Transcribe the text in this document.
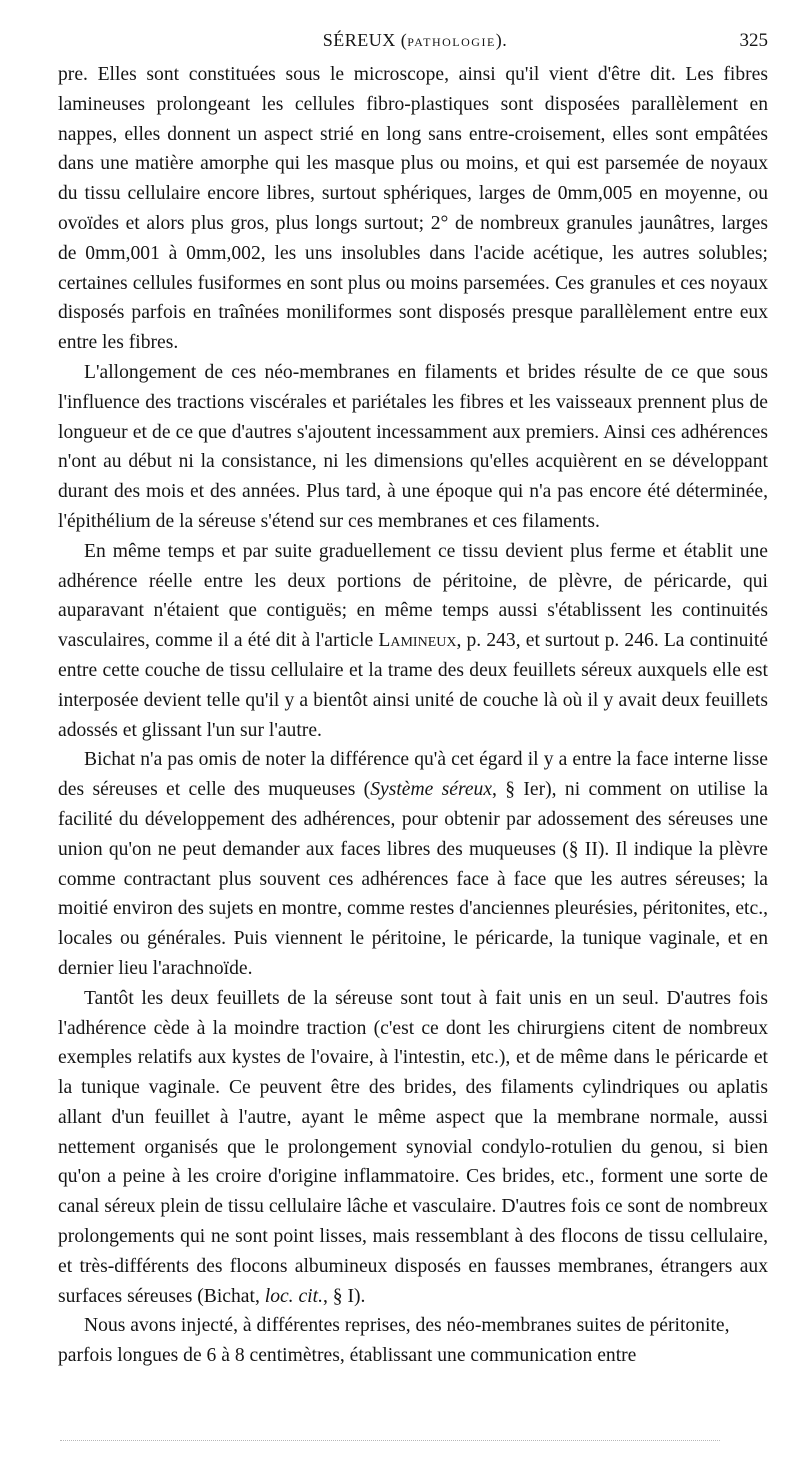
SÉREUX (PATHOLOGIE).	325

pre. Elles sont constituées sous le microscope, ainsi qu'il vient d'être dit. Les fibres lamineuses prolongeant les cellules fibro-plastiques sont disposées parallèlement en nappes, elles donnent un aspect strié en long sans entre-croisement, elles sont empâtées dans une matière amorphe qui les masque plus ou moins, et qui est parsemée de noyaux du tissu cellulaire encore libres, surtout sphériques, larges de 0mm,005 en moyenne, ou ovoïdes et alors plus gros, plus longs surtout; 2° de nombreux granules jaunâtres, larges de 0mm,001 à 0mm,002, les uns insolubles dans l'acide acétique, les autres solubles; certaines cellules fusiformes en sont plus ou moins parsemées. Ces granules et ces noyaux disposés parfois en traînées moniliformes sont disposés presque parallèlement entre eux entre les fibres.

L'allongement de ces néo-membranes en filaments et brides résulte de ce que sous l'influence des tractions viscérales et pariétales les fibres et les vaisseaux prennent plus de longueur et de ce que d'autres s'ajoutent incessamment aux premiers. Ainsi ces adhérences n'ont au début ni la consistance, ni les dimensions qu'elles acquièrent en se développant durant des mois et des années. Plus tard, à une époque qui n'a pas encore été déterminée, l'épithélium de la séreuse s'étend sur ces membranes et ces filaments.

En même temps et par suite graduellement ce tissu devient plus ferme et établit une adhérence réelle entre les deux portions de péritoine, de plèvre, de péricarde, qui auparavant n'étaient que contiguës; en même temps aussi s'établissent les continuités vasculaires, comme il a été dit à l'article Lamineux, p. 243, et surtout p. 246. La continuité entre cette couche de tissu cellulaire et la trame des deux feuillets séreux auxquels elle est interposée devient telle qu'il y a bientôt ainsi unité de couche là où il y avait deux feuillets adossés et glissant l'un sur l'autre.

Bichat n'a pas omis de noter la différence qu'à cet égard il y a entre la face interne lisse des séreuses et celle des muqueuses (Système séreux, § Ier), ni comment on utilise la facilité du développement des adhérences, pour obtenir par adossement des séreuses une union qu'on ne peut demander aux faces libres des muqueuses (§ II). Il indique la plèvre comme contractant plus souvent ces adhérences face à face que les autres séreuses; la moitié environ des sujets en montre, comme restes d'anciennes pleurésies, péritonites, etc., locales ou générales. Puis viennent le péritoine, le péricarde, la tunique vaginale, et en dernier lieu l'arachnoïde.

Tantôt les deux feuillets de la séreuse sont tout à fait unis en un seul. D'autres fois l'adhérence cède à la moindre traction (c'est ce dont les chirurgiens citent de nombreux exemples relatifs aux kystes de l'ovaire, à l'intestin, etc.), et de même dans le péricarde et la tunique vaginale. Ce peuvent être des brides, des filaments cylindriques ou aplatis allant d'un feuillet à l'autre, ayant le même aspect que la membrane normale, aussi nettement organisés que le prolongement synovial condylo-rotulien du genou, si bien qu'on a peine à les croire d'origine inflammatoire. Ces brides, etc., forment une sorte de canal séreux plein de tissu cellulaire lâche et vasculaire. D'autres fois ce sont de nombreux prolongements qui ne sont point lisses, mais ressemblant à des flocons de tissu cellulaire, et très-différents des flocons albumineux disposés en fausses membranes, étrangers aux surfaces séreuses (Bichat, loc. cit., § I).

Nous avons injecté, à différentes reprises, des néo-membranes suites de péritonite, parfois longues de 6 à 8 centimètres, établissant une communication entre
